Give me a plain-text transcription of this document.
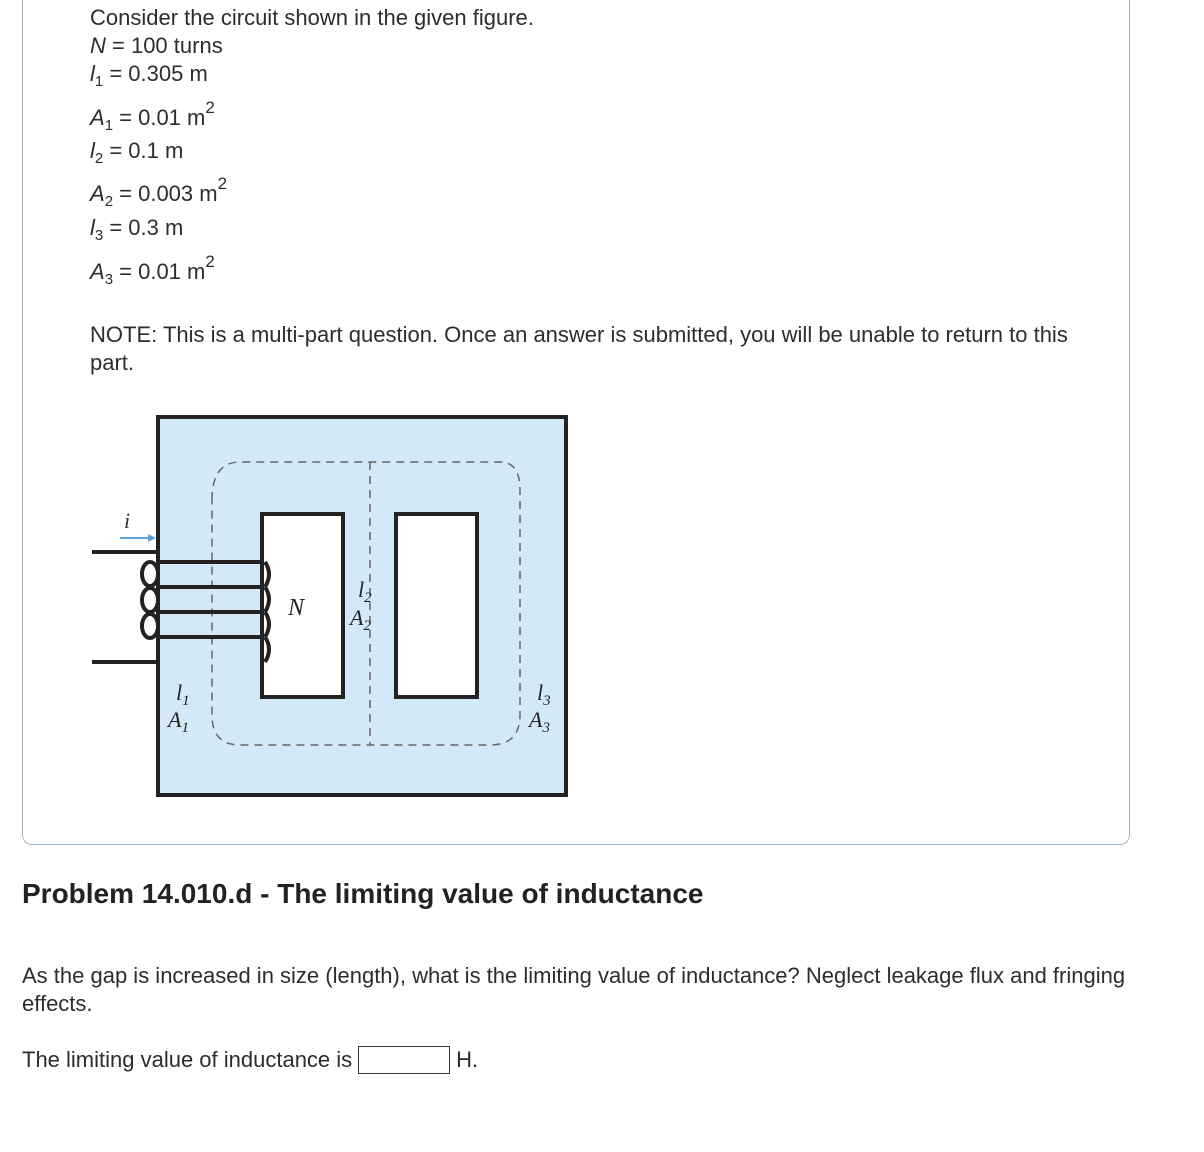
Consider the circuit shown in the given figure.
N = 100 turns
$l_1 = 0.305$ m
$A_1 = 0.01$ $m^2$
$l_2 = 0.1$ m
$A_2 = 0.003$ $m^2$
$l_3 = 0.3$ m
$A_3 = 0.01$ $m^2$
NOTE: This is a multi-part question. Once an answer is submitted, you will be unable to return to this part.
i
N
$l_2$
$A_2$
$l_1$
$A_1$
$l_3$
$A_3$
Problem 14.010.d - The limiting value of inductance
As the gap is increased in size (length), what is the limiting value of inductance? Neglect leakage flux and fringing effects.
The limiting value of inductance is	H.
